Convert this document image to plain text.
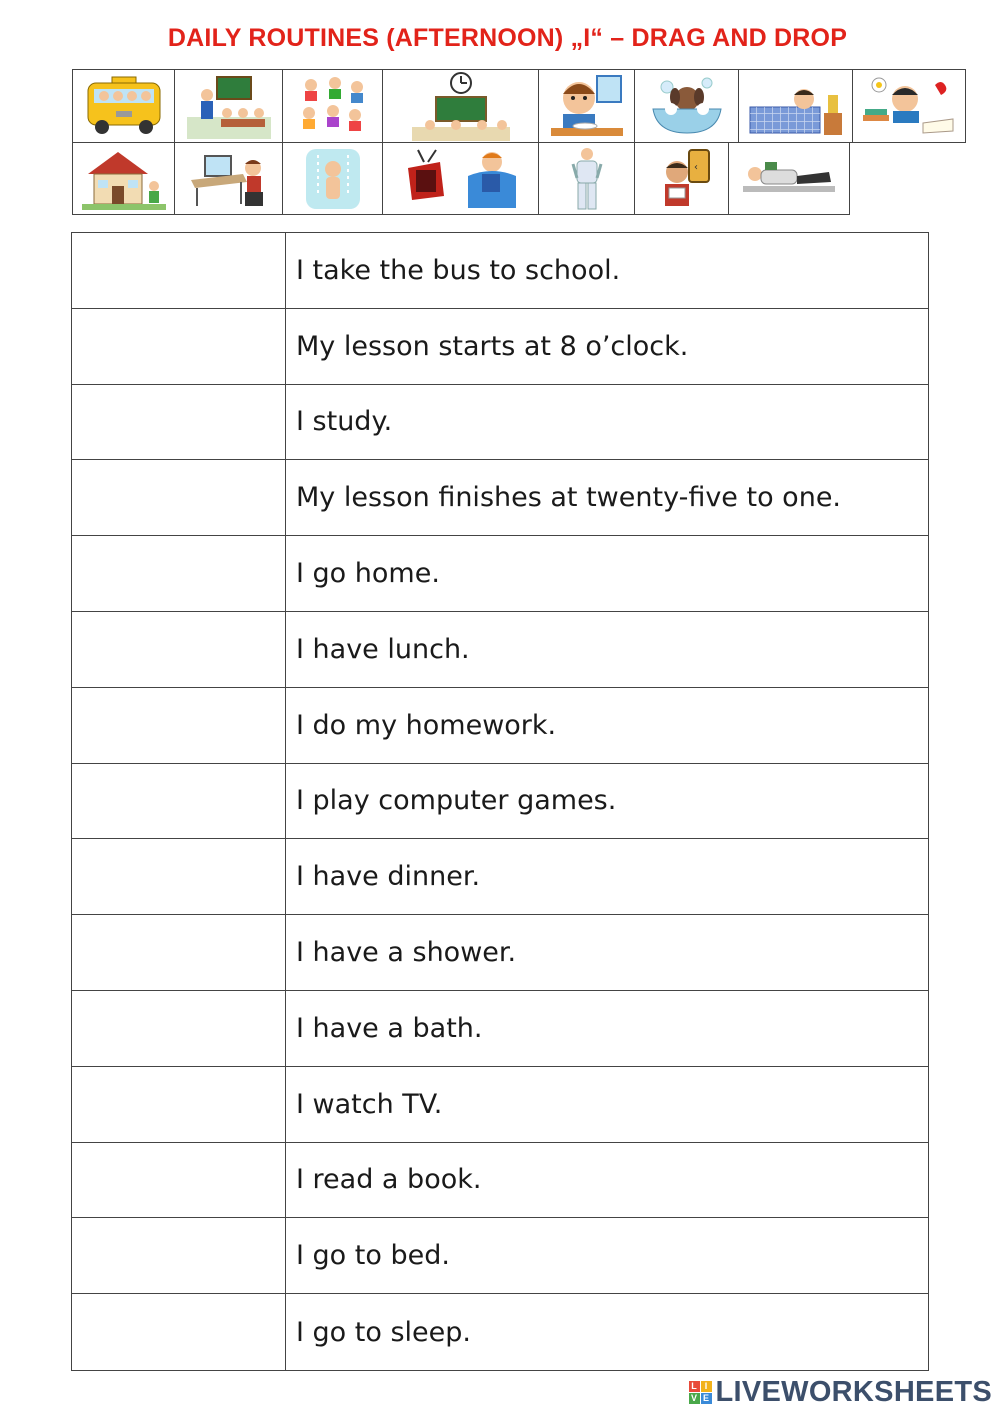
DAILY ROUTINES (AFTERNOON) „I“ – DRAG AND DROP
‹
I take the bus to school.
My lesson starts at 8 o’clock.
I study.
My lesson finishes at twenty-five to one.
I go home.
I have lunch.
I do my homework.
I play computer games.
I have dinner.
I have a shower.
I have a bath.
I watch TV.
I read a book.
I go to bed.
I go to sleep.
L I
V E LIVEWORKSHEETS
